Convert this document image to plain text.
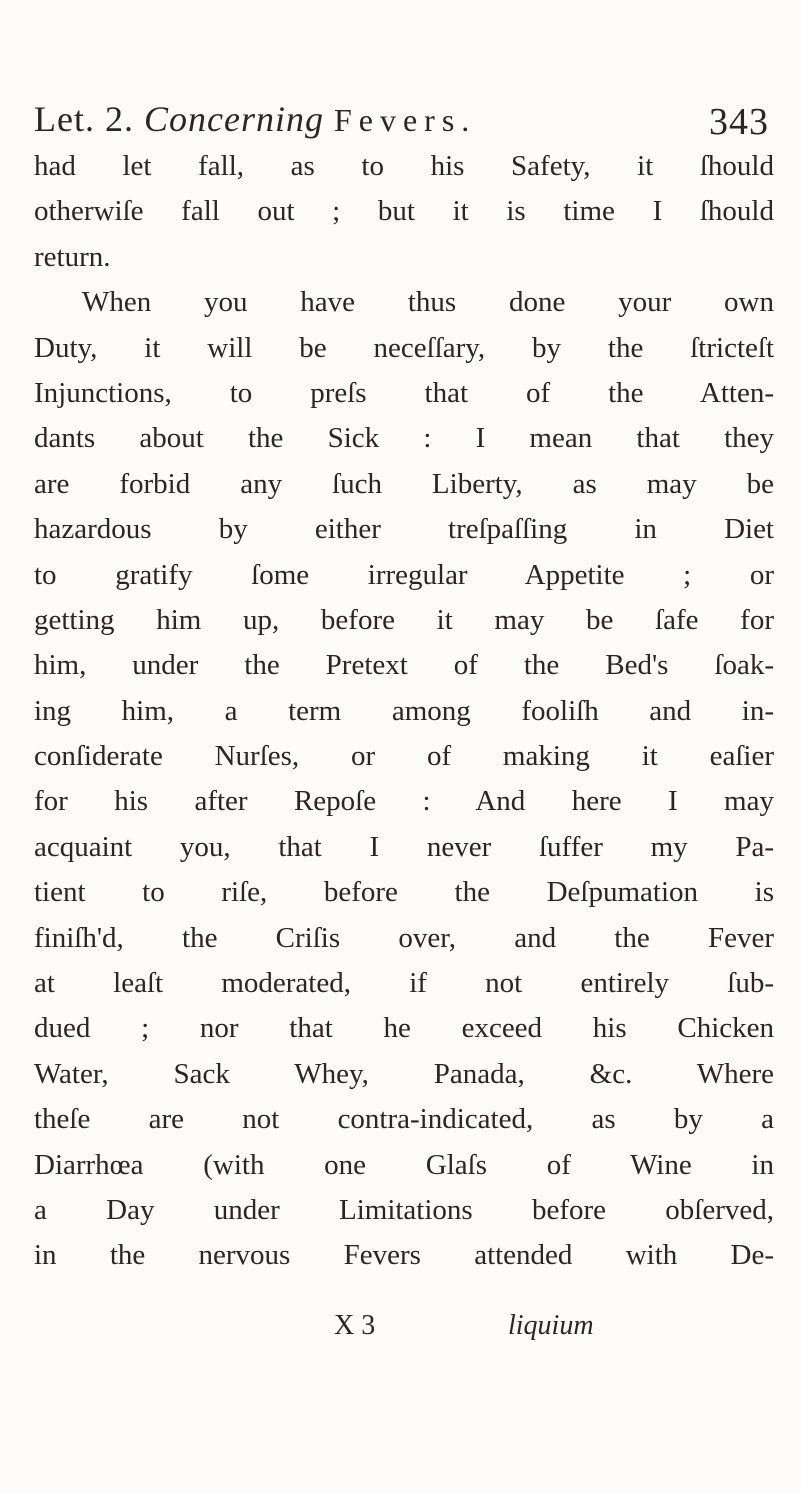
Let. 2. Concerning Fevers.	343
had let fall, as to his Safety, it ſhould
otherwiſe fall out ; but it is time I ſhould
return.
When you have thus done your own
Duty, it will be neceſſary, by the ſtricteſt
Injunctions, to preſs that of the Atten-
dants about the Sick : I mean that they
are forbid any ſuch Liberty, as may be
hazardous by either treſpaſſing in Diet
to gratify ſome irregular Appetite ; or
getting him up, before it may be ſafe for
him, under the Pretext of the Bed's ſoak-
ing him, a term among fooliſh and in-
conſiderate Nurſes, or of making it eaſier
for his after Repoſe : And here I may
acquaint you, that I never ſuffer my Pa-
tient to riſe, before the Deſpumation is
finiſh'd, the Criſis over, and the Fever
at leaſt moderated, if not entirely ſub-
dued ; nor that he exceed his Chicken
Water, Sack Whey, Panada, &c. Where
theſe are not contra-indicated, as by a
Diarrhœa (with one Glaſs of Wine in
a Day under Limitations before obſerved,
in the nervous Fevers attended with De-
X 3	liquium
